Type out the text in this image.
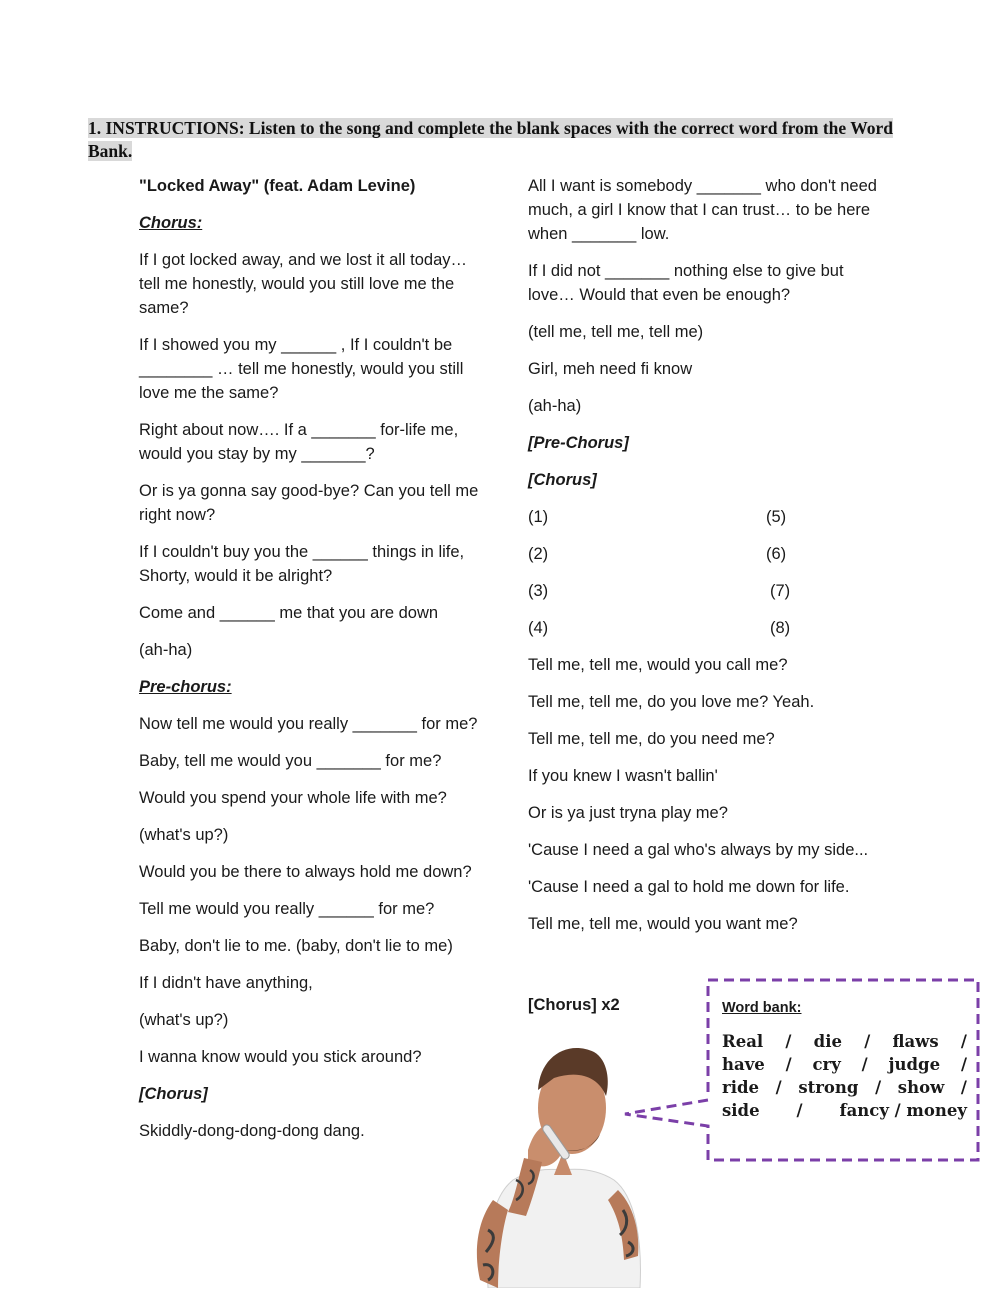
1. INSTRUCTIONS: Listen to the song and complete the blank spaces with the correct word from the Word Bank.
"Locked Away" (feat. Adam Levine)
Chorus:
If I got locked away, and we lost it all today… tell me honestly, would you still love me the same?
If I showed you my ______ , If I couldn't be ________ … tell me honestly, would you still love me the same?
Right about now…. If a _______ for-life me, would you stay by my _______?
Or is ya gonna say good-bye? Can you tell me right now?
If I couldn't buy you the ______ things in life, Shorty, would it be alright?
Come and ______ me that you are down
(ah-ha)
Pre-chorus:
Now tell me would you really _______ for me?
Baby, tell me would you _______ for me?
Would you spend your whole life with me?
(what's up?)
Would you be there to always hold me down?
Tell me would you really ______ for me?
Baby, don't lie to me. (baby, don't lie to me)
If I didn't have anything,
(what's up?)
I wanna know would you stick around?
[Chorus]
Skiddly-dong-dong-dong dang.
All I want is somebody _______ who don't need much, a girl I know that I can trust… to be here when _______ low.
If I did not _______ nothing else to give but love… Would that even be enough?
(tell me, tell me, tell me)
Girl, meh need fi know
(ah-ha)
[Pre-Chorus]
[Chorus]
(1)	(5)
(2)	(6)
(3)	(7)
(4)	(8)
Tell me, tell me, would you call me?
Tell me, tell me, do you love me? Yeah.
Tell me, tell me, do you need me?
If you knew I wasn't ballin'
Or is ya just tryna play me?
'Cause I need a gal who's always by my side...
'Cause I need a gal to hold me down for life.
Tell me, tell me, would you want me?
[Chorus] x2	Word bank:
Real / die / flaws /
have / cry / judge /
ride / strong / show /
side / fancy / money
